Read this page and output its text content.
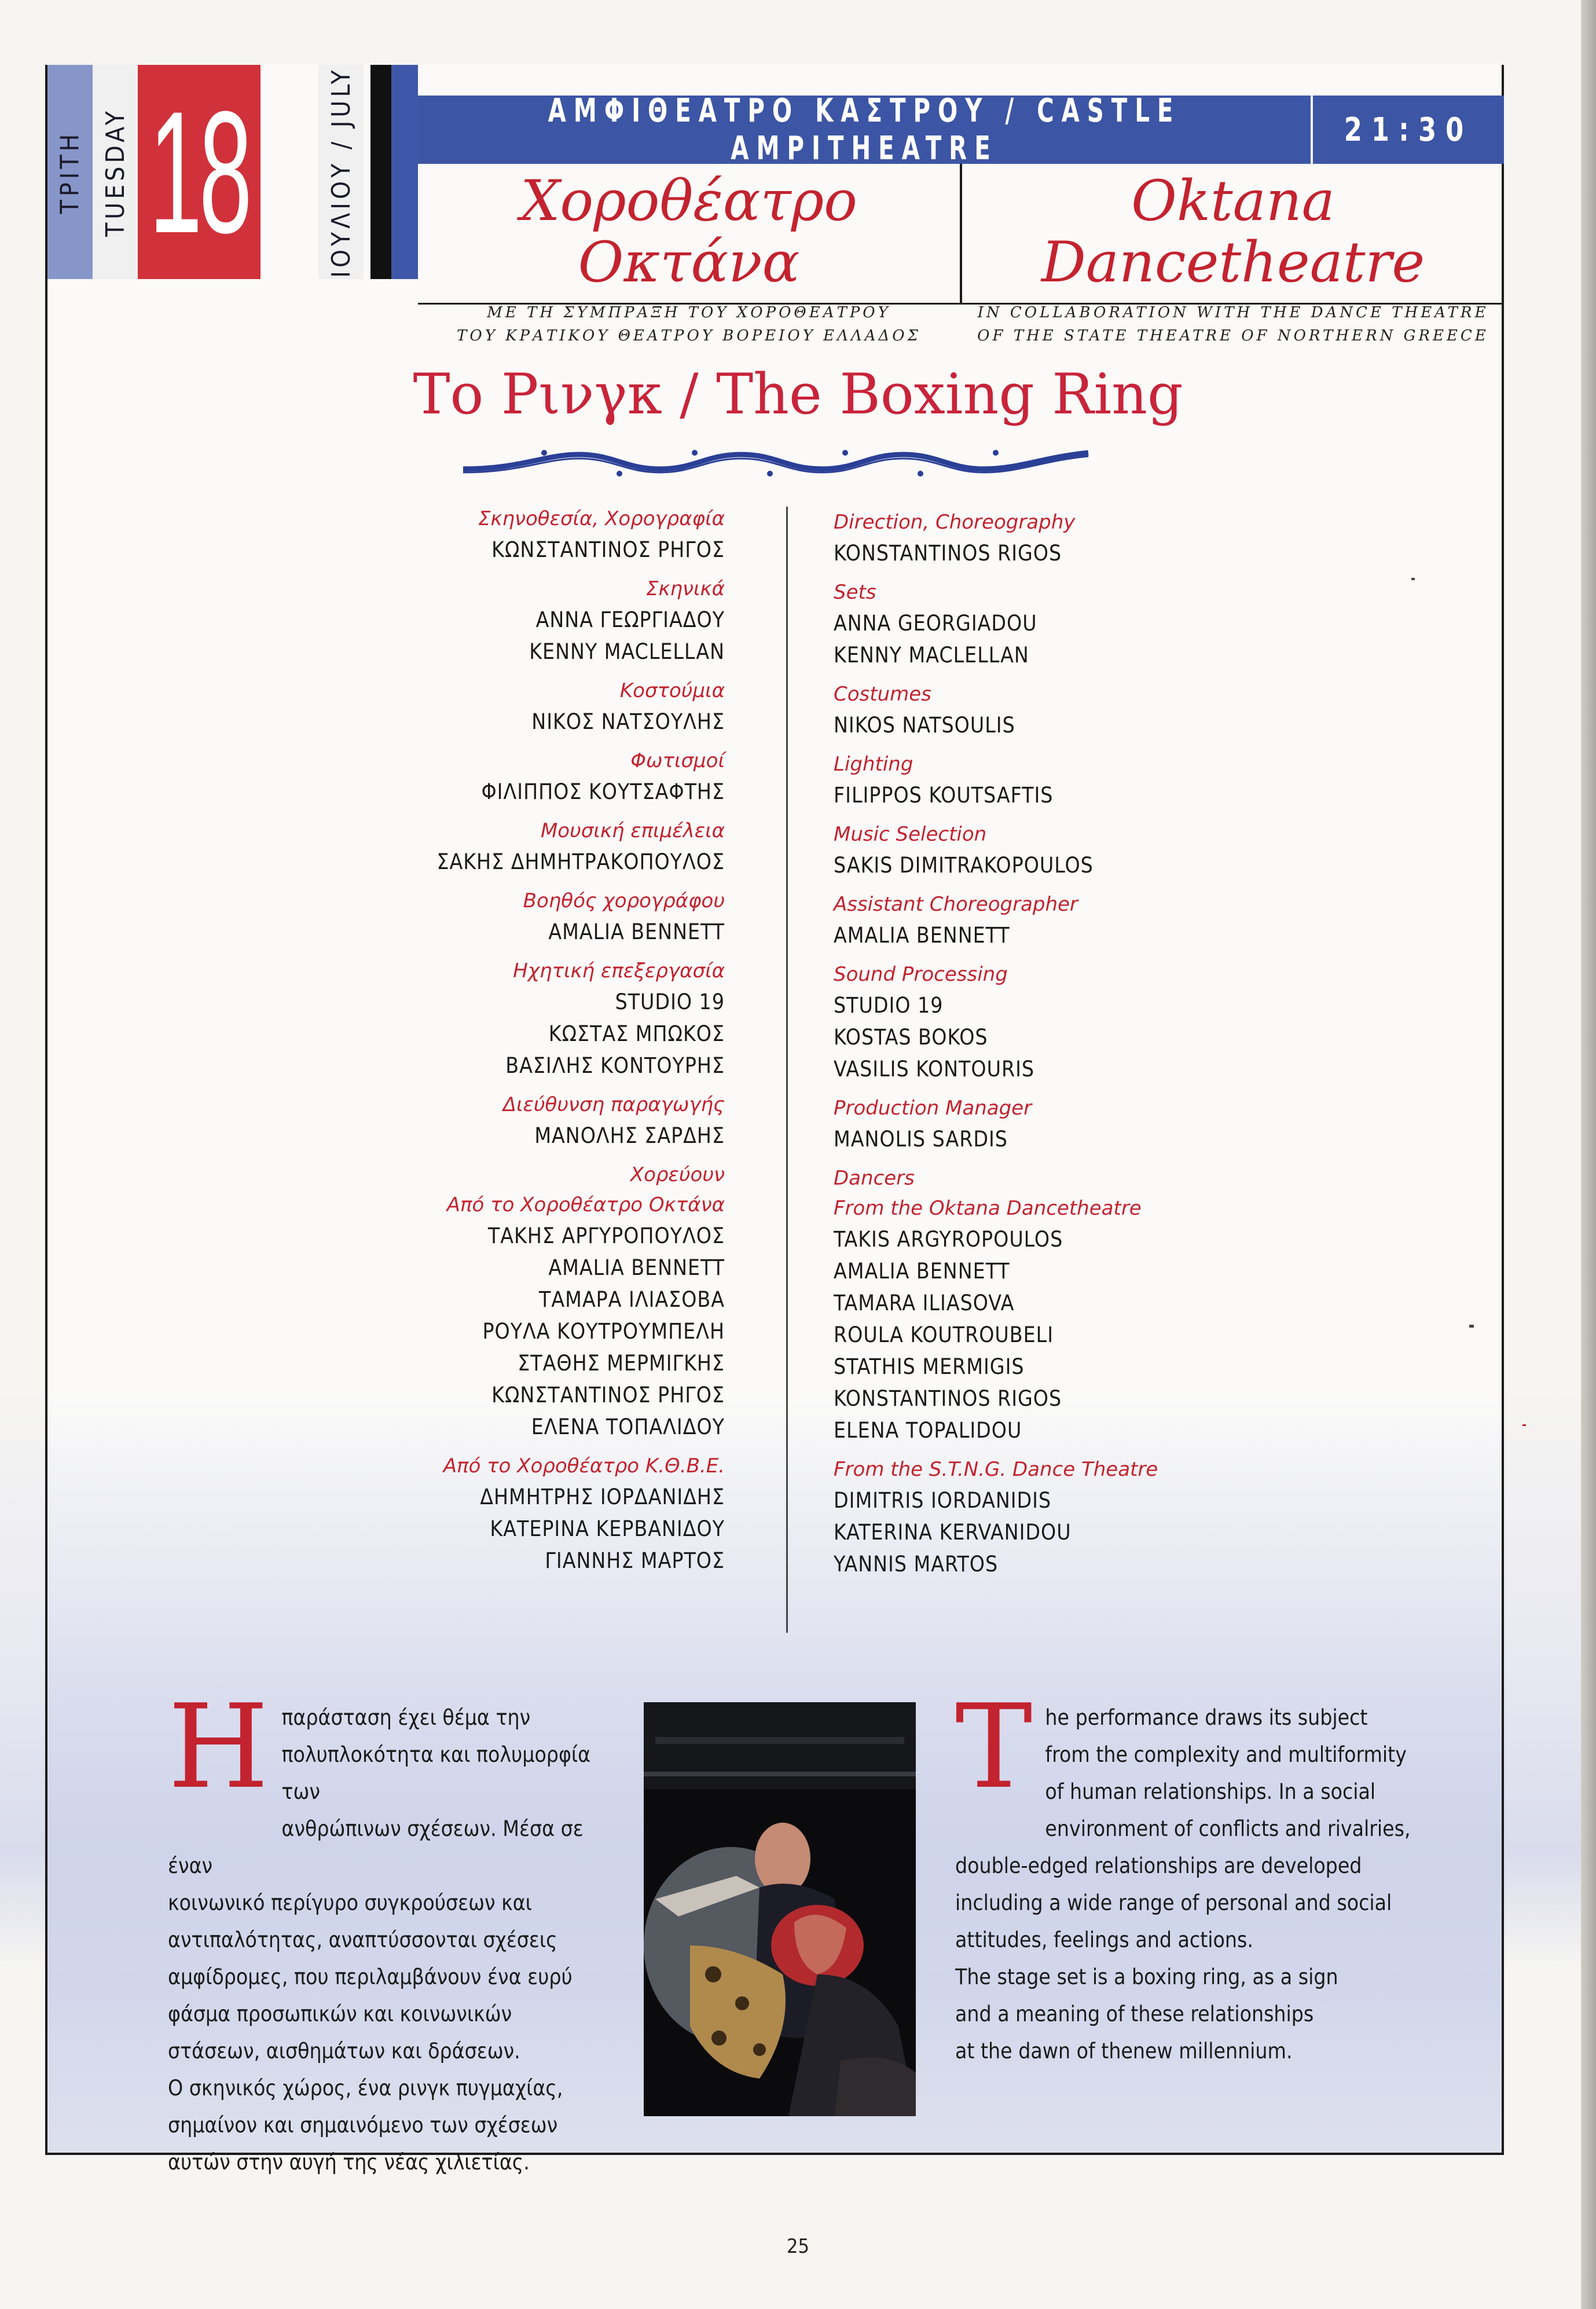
ΤΡΙΤΗ TUESDAY 18	ΙΟΥΛΙΟΥ / JULY	ΑΜΦΙΘΕΑΤΡΟ ΚΑΣΤΡΟΥ / CASTLE AMPITHEATRE	21:30
Χοροθέατρο Οκτάνα
ΜΕ ΤΗ ΣΥΜΠΡΑΞΗ ΤΟΥ ΧΟΡΟΘΕΑΤΡΟΥ
ΤΟΥ ΚΡΑΤΙΚΟΥ ΘΕΑΤΡΟΥ ΒΟΡΕΙΟΥ ΕΛΛΑΔΟΣ
Oktana Dancetheatre
IN COLLABORATION WITH THE DANCE THEATRE
OF THE STATE THEATRE OF NORTHERN GREECE
Το Ρινγκ / The Boxing Ring
Σκηνοθεσία, Χορογραφία
ΚΩΝΣΤΑΝΤΙΝΟΣ ΡΗΓΟΣ
Σκηνικά
ΑΝΝΑ ΓΕΩΡΓΙΑΔΟΥ
KENNY MACLELLAN
Κοστούμια
ΝΙΚΟΣ ΝΑΤΣΟΥΛΗΣ
Φωτισμοί
ΦΙΛΙΠΠΟΣ ΚΟΥΤΣΑΦΤΗΣ
Μουσική επιμέλεια
ΣΑΚΗΣ ΔΗΜΗΤΡΑΚΟΠΟΥΛΟΣ
Βοηθός χορογράφου
AMALIA BENNETT
Ηχητική επεξεργασία
STUDIO 19
ΚΩΣΤΑΣ ΜΠΩΚΟΣ
ΒΑΣΙΛΗΣ ΚΟΝΤΟΥΡΗΣ
Διεύθυνση παραγωγής
ΜΑΝΟΛΗΣ ΣΑΡΔΗΣ
Χορεύουν
Από το Χοροθέατρο Οκτάνα
ΤΑΚΗΣ ΑΡΓΥΡΟΠΟΥΛΟΣ
AMALIA BENNETT
ΤΑΜΑΡΑ ΙΛΙΑΣΟΒΑ
ΡΟΥΛΑ ΚΟΥΤΡΟΥΜΠΕΛΗ
ΣΤΑΘΗΣ ΜΕΡΜΙΓΚΗΣ
ΚΩΝΣΤΑΝΤΙΝΟΣ ΡΗΓΟΣ
ΕΛΕΝΑ ΤΟΠΑΛΙΔΟΥ
Από το Χοροθέατρο Κ.Θ.Β.Ε.
ΔΗΜΗΤΡΗΣ ΙΟΡΔΑΝΙΔΗΣ
ΚΑΤΕΡΙΝΑ ΚΕΡΒΑΝΙΔΟΥ
ΓΙΑΝΝΗΣ ΜΑΡΤΟΣ
Direction, Choreography
KONSTANTINOS RIGOS
Sets
ANNA GEORGIADOU
KENNY MACLELLAN
Costumes
NIKOS NATSOULIS
Lighting
FILIPPOS KOUTSAFTIS
Music Selection
SAKIS DIMITRAKOPOULOS
Assistant Choreographer
AMALIA BENNETT
Sound Processing
STUDIO 19
KOSTAS BOKOS
VASILIS KONTOURIS
Production Manager
MANOLIS SARDIS
Dancers
From the Oktana Dancetheatre
TAKIS ARGYROPOULOS
AMALIA BENNETT
TAMARA ILIASOVA
ROULA KOUTROUBELI
STATHIS MERMIGIS
KONSTANTINOS RIGOS
ELENA TOPALIDOU
From the S.T.N.G. Dance Theatre
DIMITRIS IORDANIDIS
KATERINA KERVANIDOU
YANNIS MARTOS
Η παράσταση έχει θέμα την

πολυπλοκότητα και πολυμορφία των

ανθρώπινων σχέσεων. Μέσα σε έναν

κοινωνικό περίγυρο συγκρούσεων και

αντιπαλότητας, αναπτύσσονται σχέσεις

αμφίδρομες, που περιλαμβάνουν ένα ευρύ

φάσμα προσωπικών και κοινωνικών

στάσεων, αισθημάτων και δράσεων.

Ο σκηνικός χώρος, ένα ρινγκ πυγμαχίας,

σημαίνον και σημαινόμενο των σχέσεων

αυτών στην αυγή της νέας χιλιετίας.

T he performance draws its subject

from the complexity and multiformity

of human relationships. In a social

environment of conflicts and rivalries,

double-edged relationships are developed

including a wide range of personal and social

attitudes, feelings and actions.

The stage set is a boxing ring, as a sign

and a meaning of these relationships

at the dawn of thenew millennium.

25
